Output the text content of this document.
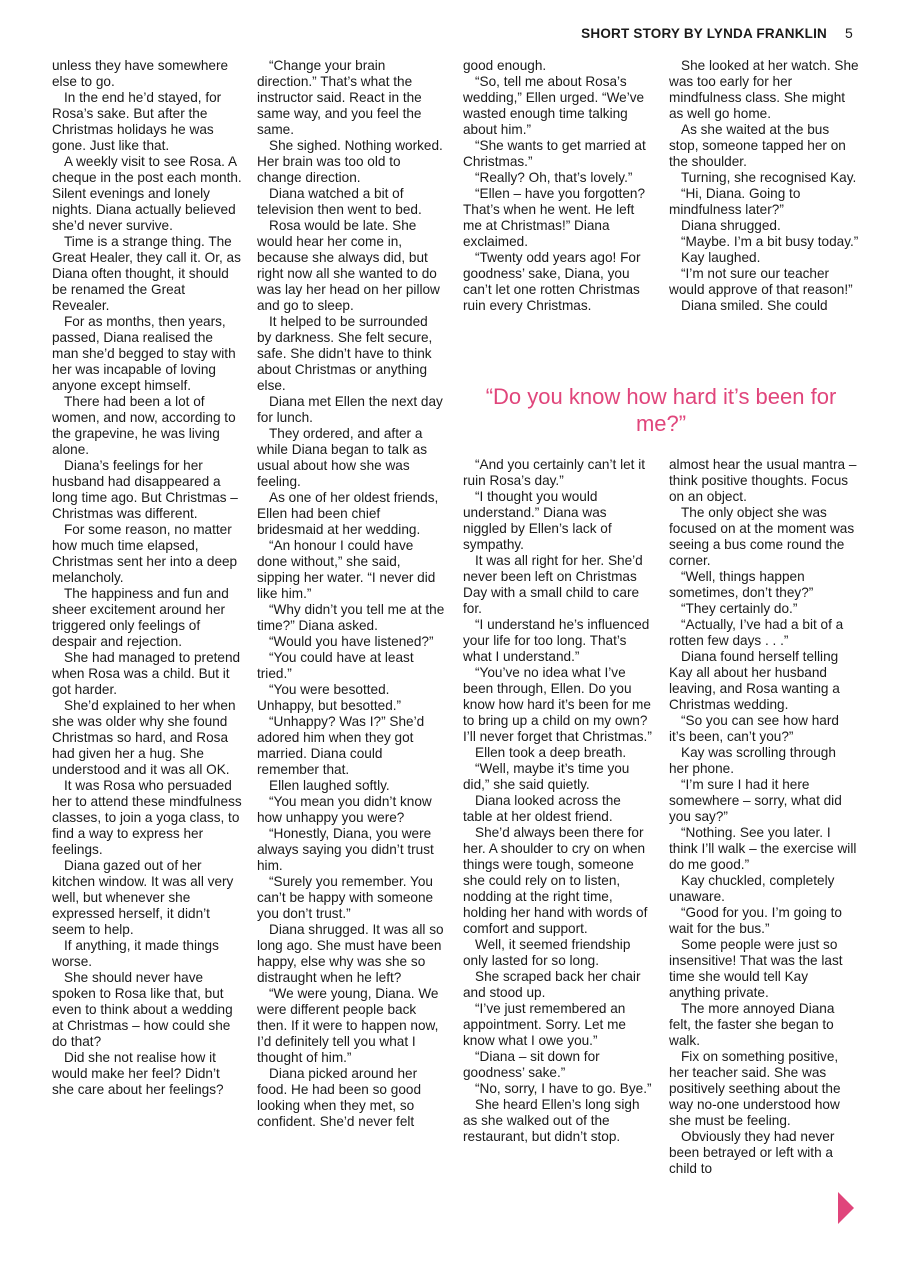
SHORT STORY BY LYNDA FRANKLIN 5

unless they have somewhere else to go.

In the end he’d stayed, for Rosa’s sake. But after the Christmas holidays he was gone. Just like that.

A weekly visit to see Rosa. A cheque in the post each month. Silent evenings and lonely nights. Diana actually believed she’d never survive.

Time is a strange thing. The Great Healer, they call it. Or, as Diana often thought, it should be renamed the Great Revealer.

For as months, then years, passed, Diana realised the man she’d begged to stay with her was incapable of loving anyone except himself.

There had been a lot of women, and now, according to the grapevine, he was living alone.

Diana’s feelings for her husband had disappeared a long time ago. But Christmas – Christmas was different.

For some reason, no matter how much time elapsed, Christmas sent her into a deep melancholy.

The happiness and fun and sheer excitement around her triggered only feelings of despair and rejection.

She had managed to pretend when Rosa was a child. But it got harder.

She’d explained to her when she was older why she found Christmas so hard, and Rosa had given her a hug. She understood and it was all OK.

It was Rosa who persuaded her to attend these mindfulness classes, to join a yoga class, to find a way to express her feelings.

Diana gazed out of her kitchen window. It was all very well, but whenever she expressed herself, it didn’t seem to help.

If anything, it made things worse.

She should never have spoken to Rosa like that, but even to think about a wedding at Christmas – how could she do that?

Did she not realise how it would make her feel? Didn’t she care about her feelings?

“Change your brain direction.” That’s what the instructor said. React in the same way, and you feel the same.

She sighed. Nothing worked. Her brain was too old to change direction.

Diana watched a bit of television then went to bed.

Rosa would be late. She would hear her come in, because she always did, but right now all she wanted to do was lay her head on her pillow and go to sleep.

It helped to be surrounded by darkness. She felt secure, safe. She didn’t have to think about Christmas or anything else.

Diana met Ellen the next day for lunch.

They ordered, and after a while Diana began to talk as usual about how she was feeling.

As one of her oldest friends, Ellen had been chief bridesmaid at her wedding.

“An honour I could have done without,” she said, sipping her water. “I never did like him.”

“Why didn’t you tell me at the time?” Diana asked.

“Would you have listened?”

“You could have at least tried.”

“You were besotted. Unhappy, but besotted.”

“Unhappy? Was I?” She’d adored him when they got married. Diana could remember that.

Ellen laughed softly.

“You mean you didn’t know how unhappy you were?

“Honestly, Diana, you were always saying you didn’t trust him.

“Surely you remember. You can’t be happy with someone you don’t trust.”

Diana shrugged. It was all so long ago. She must have been happy, else why was she so distraught when he left?

“We were young, Diana. We were different people back then. If it were to happen now, I’d definitely tell you what I thought of him.”

Diana picked around her food. He had been so good looking when they met, so confident. She’d never felt

good enough.

“So, tell me about Rosa’s wedding,” Ellen urged. “We’ve wasted enough time talking about him.”

“She wants to get married at Christmas.”

“Really? Oh, that’s lovely.”

“Ellen – have you forgotten? That’s when he went. He left me at Christmas!” Diana exclaimed.

“Twenty odd years ago! For goodness’ sake, Diana, you can’t let one rotten Christmas ruin every Christmas.

She looked at her watch. She was too early for her mindfulness class. She might as well go home.

As she waited at the bus stop, someone tapped her on the shoulder.

Turning, she recognised Kay.

“Hi, Diana. Going to mindfulness later?”

Diana shrugged.

“Maybe. I’m a bit busy today.”

Kay laughed.

“I’m not sure our teacher would approve of that reason!”

Diana smiled. She could

“Do you know how hard it’s been for me?”

“And you certainly can’t let it ruin Rosa’s day.”

“I thought you would understand.” Diana was niggled by Ellen’s lack of sympathy.

It was all right for her. She’d never been left on Christmas Day with a small child to care for.

“I understand he’s influenced your life for too long. That’s what I understand.”

“You’ve no idea what I’ve been through, Ellen. Do you know how hard it’s been for me to bring up a child on my own? I’ll never forget that Christmas.”

Ellen took a deep breath.

“Well, maybe it’s time you did,” she said quietly.

Diana looked across the table at her oldest friend.

She’d always been there for her. A shoulder to cry on when things were tough, someone she could rely on to listen, nodding at the right time, holding her hand with words of comfort and support.

Well, it seemed friendship only lasted for so long.

She scraped back her chair and stood up.

“I’ve just remembered an appointment. Sorry. Let me know what I owe you.”

“Diana – sit down for goodness’ sake.”

“No, sorry, I have to go. Bye.”

She heard Ellen’s long sigh as she walked out of the restaurant, but didn’t stop.

almost hear the usual mantra – think positive thoughts. Focus on an object.

The only object she was focused on at the moment was seeing a bus come round the corner.

“Well, things happen sometimes, don’t they?”

“They certainly do.”

“Actually, I’ve had a bit of a rotten few days . . .”

Diana found herself telling Kay all about her husband leaving, and Rosa wanting a Christmas wedding.

“So you can see how hard it’s been, can’t you?”

Kay was scrolling through her phone.

“I’m sure I had it here somewhere – sorry, what did you say?”

“Nothing. See you later. I think I’ll walk – the exercise will do me good.”

Kay chuckled, completely unaware.

“Good for you. I’m going to wait for the bus.”

Some people were just so insensitive! That was the last time she would tell Kay anything private.

The more annoyed Diana felt, the faster she began to walk.

Fix on something positive, her teacher said. She was positively seething about the way no-one understood how she must be feeling.

Obviously they had never been betrayed or left with a child to
